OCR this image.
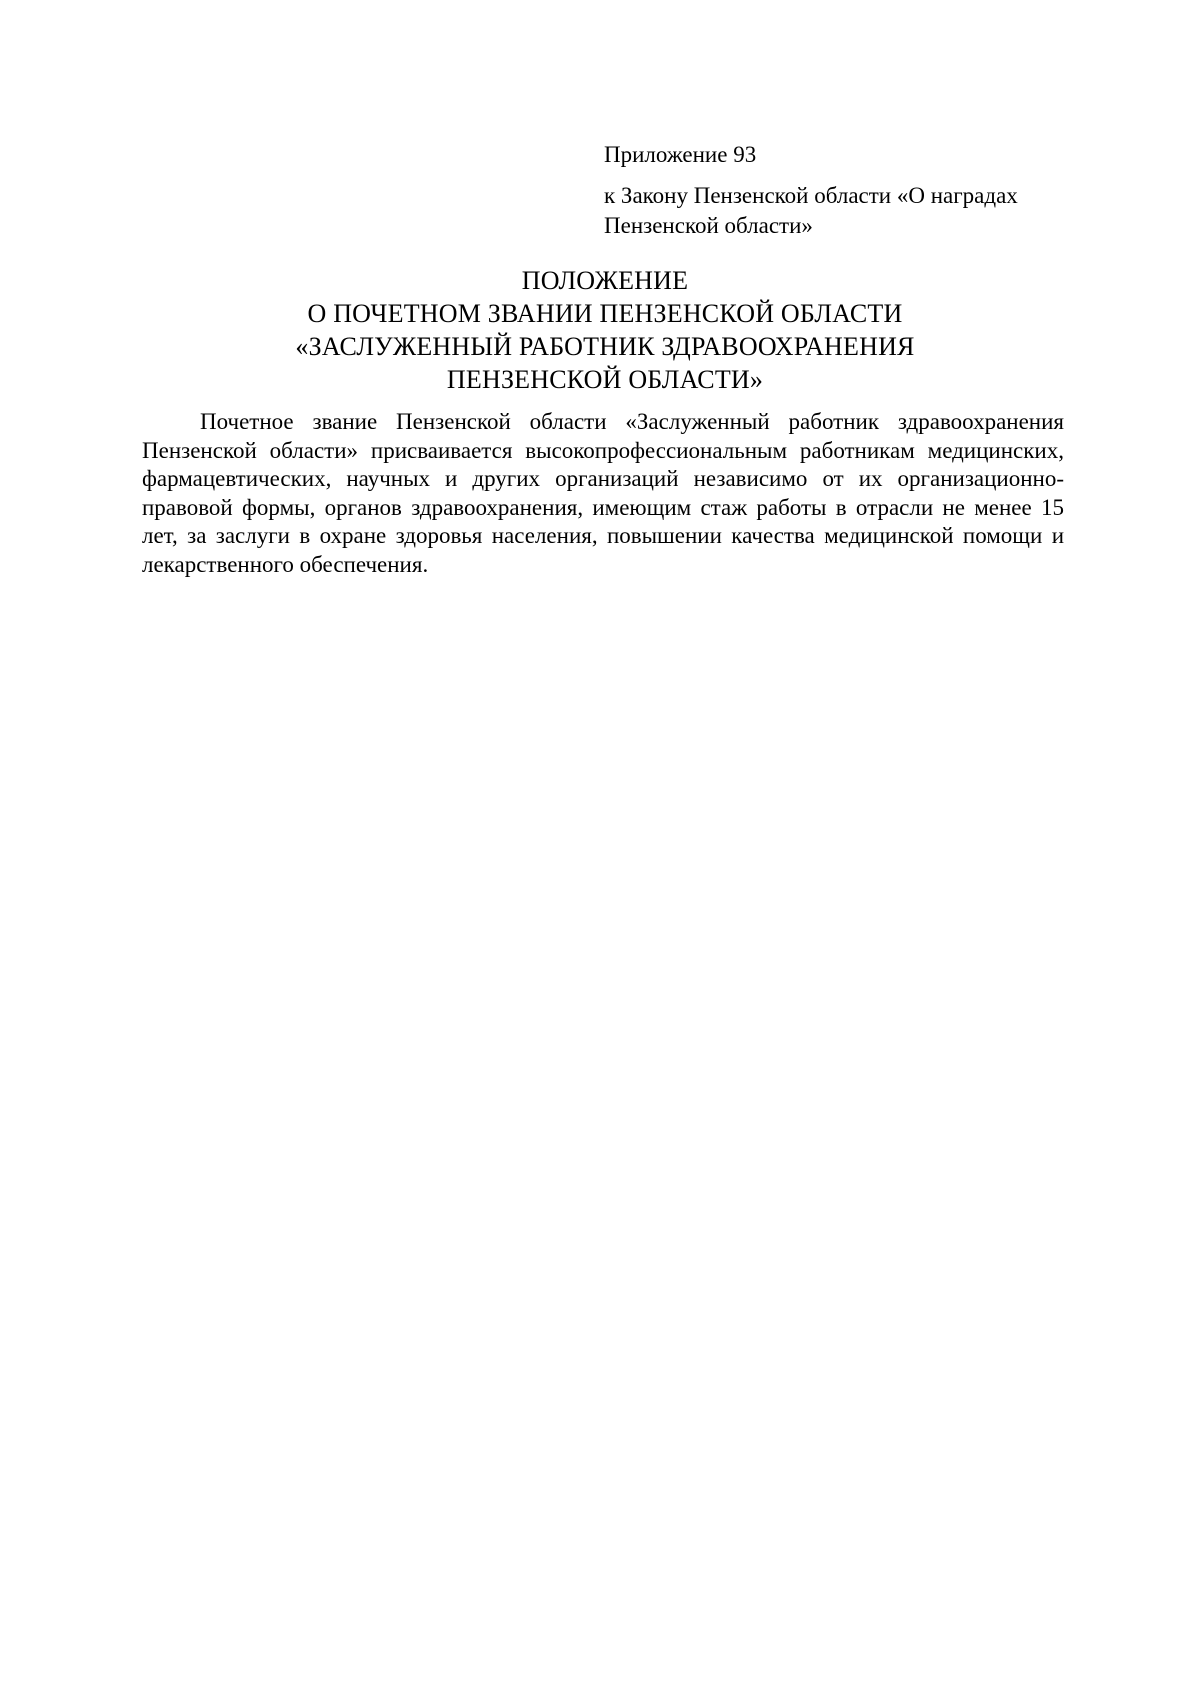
Приложение 93

к Закону Пензенской области «О наградах Пензенской области»

ПОЛОЖЕНИЕ
О ПОЧЕТНОМ ЗВАНИИ ПЕНЗЕНСКОЙ ОБЛАСТИ
«ЗАСЛУЖЕННЫЙ РАБОТНИК ЗДРАВООХРАНЕНИЯ
ПЕНЗЕНСКОЙ ОБЛАСТИ»

Почетное звание Пензенской области «Заслуженный работник здравоохранения Пензенской области» присваивается высокопрофессиональным работникам медицинских, фармацевтических, научных и других организаций независимо от их организационно-правовой формы, органов здравоохранения, имеющим стаж работы в отрасли не менее 15 лет, за заслуги в охране здоровья населения, повышении качества медицинской помощи и лекарственного обеспечения.
